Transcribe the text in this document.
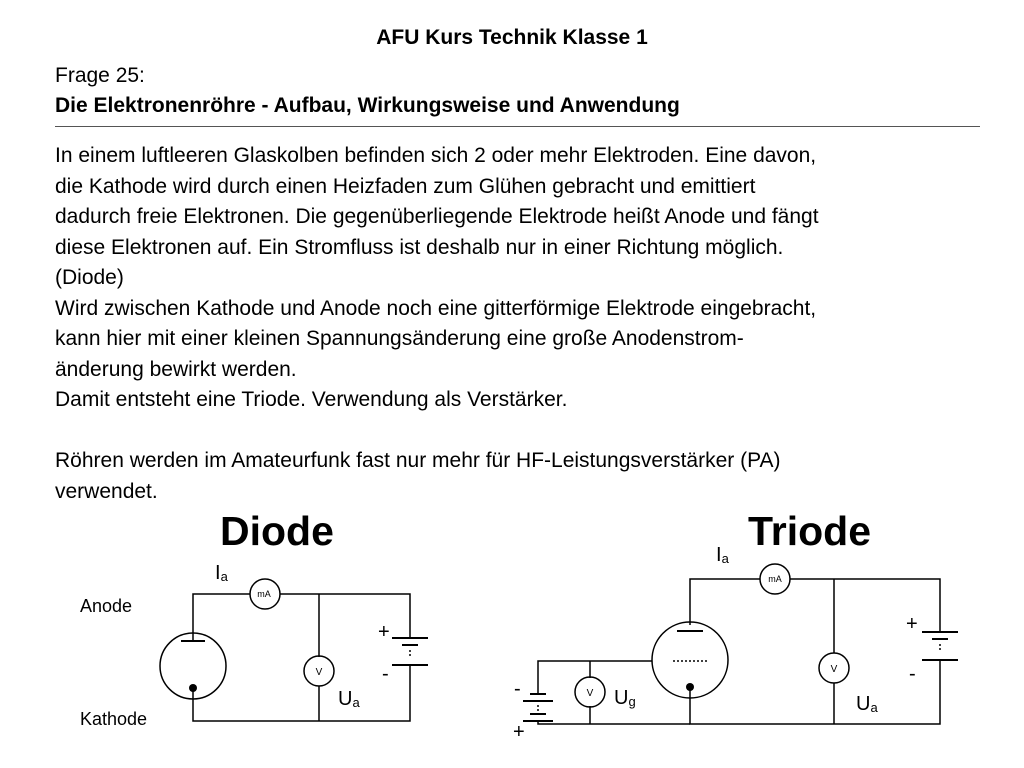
AFU Kurs Technik Klasse 1
Frage 25:
Die Elektronenröhre - Aufbau, Wirkungsweise und Anwendung
In einem luftleeren Glaskolben befinden sich 2 oder mehr Elektroden. Eine davon,
die Kathode wird durch einen Heizfaden zum Glühen gebracht und emittiert
dadurch freie Elektronen. Die gegenüberliegende Elektrode heißt Anode und fängt
diese Elektronen auf. Ein Stromfluss ist deshalb nur in einer Richtung möglich.
(Diode)
Wird zwischen Kathode und Anode noch eine gitterförmige Elektrode eingebracht,
kann hier mit einer kleinen Spannungsänderung eine große Anodenstrom-
änderung bewirkt werden.
Damit entsteht eine Triode. Verwendung als Verstärker.
Röhren werden im Amateurfunk fast nur mehr für HF-Leistungsverstärker (PA)
verwendet.
Diode	Triode
mA
V
Anode
Kathode
Ia
Ua
+
-
mA
V
V
Ia
Ua
Ug
+
-
-
+
